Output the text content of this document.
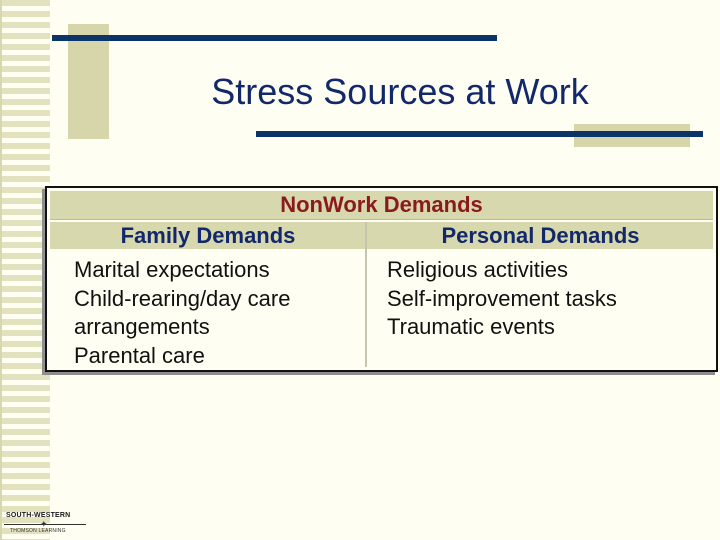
Stress Sources at Work
NonWork Demands
Family Demands	Personal Demands
Marital expectations
Child-rearing/day care
arrangements
Parental care
Religious activities
Self-improvement tasks
Traumatic events
SOUTH-WESTERN
✦
THOMSON LEARNING
